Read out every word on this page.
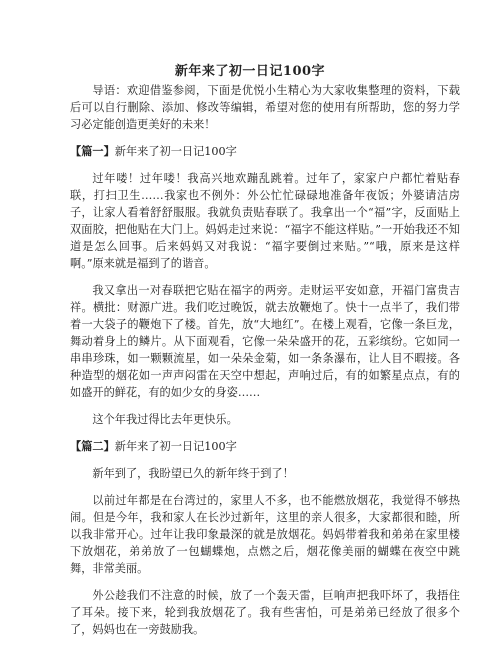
新年来了初一日记100字

导语：欢迎借鉴参阅，下面是优悦小生精心为大家收集整理的资料，下载后可以自行删除、添加、修改等编辑，希望对您的使用有所帮助，您的努力学习必定能创造更美好的未来！

【篇一】新年来了初一日记100字

过年喽！过年喽！我高兴地欢蹦乱跳着。过年了，家家户户都忙着贴春联，打扫卫生……我家也不例外：外公忙忙碌碌地准备年夜饭；外婆请洁房子，让家人看着舒舒服服。我就负责贴春联了。我拿出一个“福”字，反面贴上双面胶，把他贴在大门上。妈妈走过来说：“福字不能这样贴。”一开始我还不知道是怎么回事。后来妈妈又对我说：“福字要倒过来贴。”“哦，原来是这样啊。”原来就是福到了的谐音。

我又拿出一对春联把它贴在福字的两旁。走财运平安如意，开福门富贵吉祥。横批：财源广进。我们吃过晚饭，就去放鞭炮了。快十一点半了，我们带着一大袋子的鞭炮下了楼。首先，放“大地红”。在楼上观看，它像一条巨龙，舞动着身上的鳞片。从下面观看，它像一朵朵盛开的花，五彩缤纷。它如同一串串珍珠，如一颗颗流星，如一朵朵金菊，如一条条瀑布，让人目不暇接。各种造型的烟花如一声声闷雷在天空中想起，声响过后，有的如繁星点点，有的如盛开的鲜花，有的如少女的身姿……

这个年我过得比去年更快乐。

【篇二】新年来了初一日记100字

新年到了，我盼望已久的新年终于到了！

以前过年都是在台湾过的，家里人不多，也不能燃放烟花，我觉得不够热闹。但是今年，我和家人在长沙过新年，这里的亲人很多，大家都很和睦，所以我非常开心。过年让我印象最深的就是放烟花。妈妈带着我和弟弟在家里楼下放烟花，弟弟放了一包蝴蝶炮，点燃之后，烟花像美丽的蝴蝶在夜空中跳舞，非常美丽。

外公趁我们不注意的时候，放了一个轰天雷，巨响声把我吓坏了，我捂住了耳朵。接下来，轮到我放烟花了。我有些害怕，可是弟弟已经放了很多个了，妈妈也在一旁鼓励我。
